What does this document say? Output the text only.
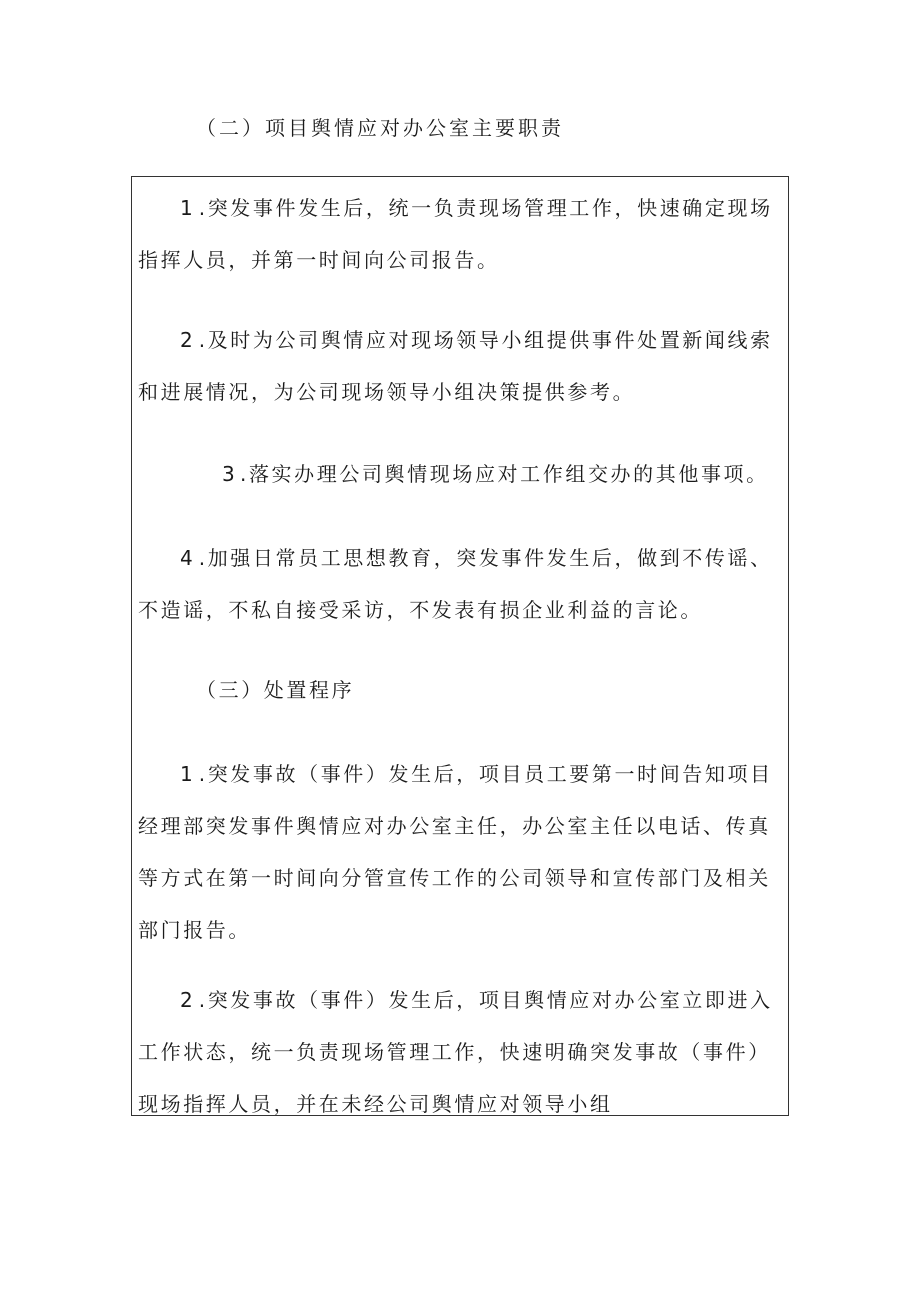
（二）项目舆情应对办公室主要职责

1.突发事件发生后，统一负责现场管理工作，快速确定现场指挥人员，并第一时间向公司报告。

2.及时为公司舆情应对现场领导小组提供事件处置新闻线索和进展情况，为公司现场领导小组决策提供参考。

3 .落实办理公司舆情现场应对工作组交办的其他事项。

4.加强日常员工思想教育，突发事件发生后，做到不传谣、不造谣，不私自接受采访，不发表有损企业利益的言论。

（三）处置程序

1.突发事故（事件）发生后，项目员工要第一时间告知项目经理部突发事件舆情应对办公室主任，办公室主任以电话、传真等方式在第一时间向分管宣传工作的公司领导和宣传部门及相关部门报告。

2.突发事故（事件）发生后，项目舆情应对办公室立即进入工作状态，统一负责现场管理工作，快速明确突发事故（事件）现场指挥人员，并在未经公司舆情应对领导小组
